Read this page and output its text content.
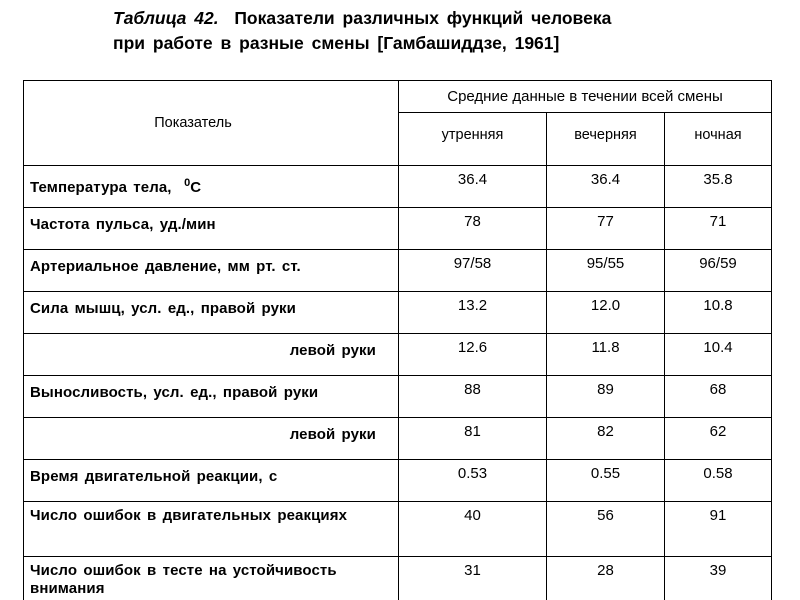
Таблица 42. Показатели различных функций человека
при работе в разные смены [Гамбашиддзе, 1961]
Показатель	Средние данные в течении всей смены		
	утренняя	вечерняя	ночная
Температура тела, $^0$С	36.4	36.4	35.8
Частота пульса, уд./мин	78	77	71
Артериальное давление, мм рт. ст.	97/58	95/55	96/59
Сила мышц, усл. ед., правой руки	13.2	12.0	10.8
левой руки	12.6	11.8	10.4
Выносливость, усл. ед., правой руки	88	89	68
левой руки	81	82	62
Время двигательной реакции, с	0.53	0.55	0.58
Число ошибок в двигательных реакциях	40	56	91
Число ошибок в тесте на устойчивость внимания	31	28	39
